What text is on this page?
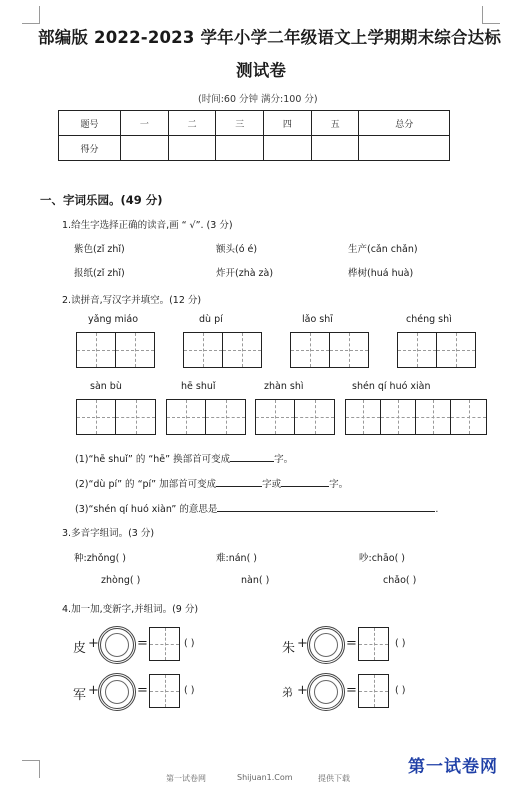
部编版 2022-2023 学年小学二年级语文上学期期末综合达标
测试卷
(时间:60 分钟 满分:100 分)
题号	一	二	三	四	五	总分
得分						
一、字词乐园。(49 分)
1.给生字选择正确的读音,画 “ √”. (3 分)
紫色(zǐ zhǐ)	额头(ó é)	生产(cǎn chǎn)
报纸(zǐ zhǐ)	炸开(zhà zà)	桦树(huá huà)
2.读拼音,写汉字并填空。(12 分)
yǎng miáo	dù pí	lǎo shī	chéng shì
sàn bù	hē shuǐ	zhàn shì	shén qí huó xiàn
(1)“hē shuǐ” 的 “hē” 换部首可变成	字。
(2)“dù pí” 的 “pí” 加部首可变成	字或	字。
(3)“shén qí huó xiàn” 的意思是	.
3.多音字组词。(3 分)
种:zhǒng( )	难:nán( )	吵:chāo( )
zhòng( )	nàn( )	chǎo( )
4.加一加,变新字,并组词。(9 分)
皮 +	=	( )	朱 +	=	( )
军 +	=	( )	弟 +	=	( )
第一试卷网	Shijuan1.Com	提供下载
第一试卷网
